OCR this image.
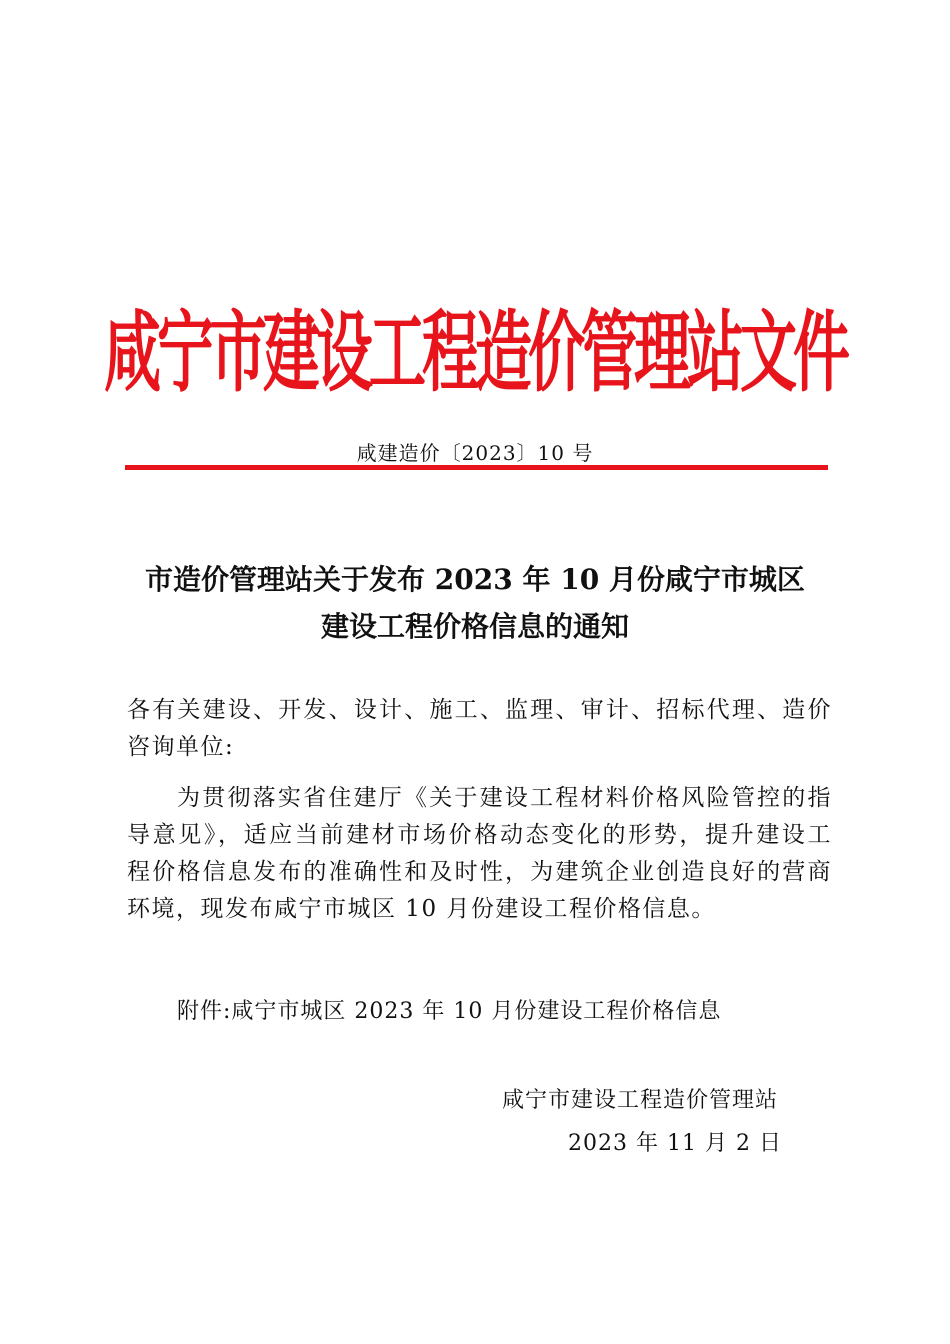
咸宁市建设工程造价管理站文件
咸建造价〔2023〕10 号
市造价管理站关于发布 2023 年 10 月份咸宁市城区
建设工程价格信息的通知
各有关建设、开发、设计、施工、监理、审计、招标代理、造价
咨询单位:
为贯彻落实省住建厅《关于建设工程材料价格风险管控的指
导意见》，适应当前建材市场价格动态变化的形势，提升建设工
程价格信息发布的准确性和及时性，为建筑企业创造良好的营商
环境，现发布咸宁市城区 10 月份建设工程价格信息。
附件:咸宁市城区 2023 年 10 月份建设工程价格信息
咸宁市建设工程造价管理站
2023 年 11 月 2 日
